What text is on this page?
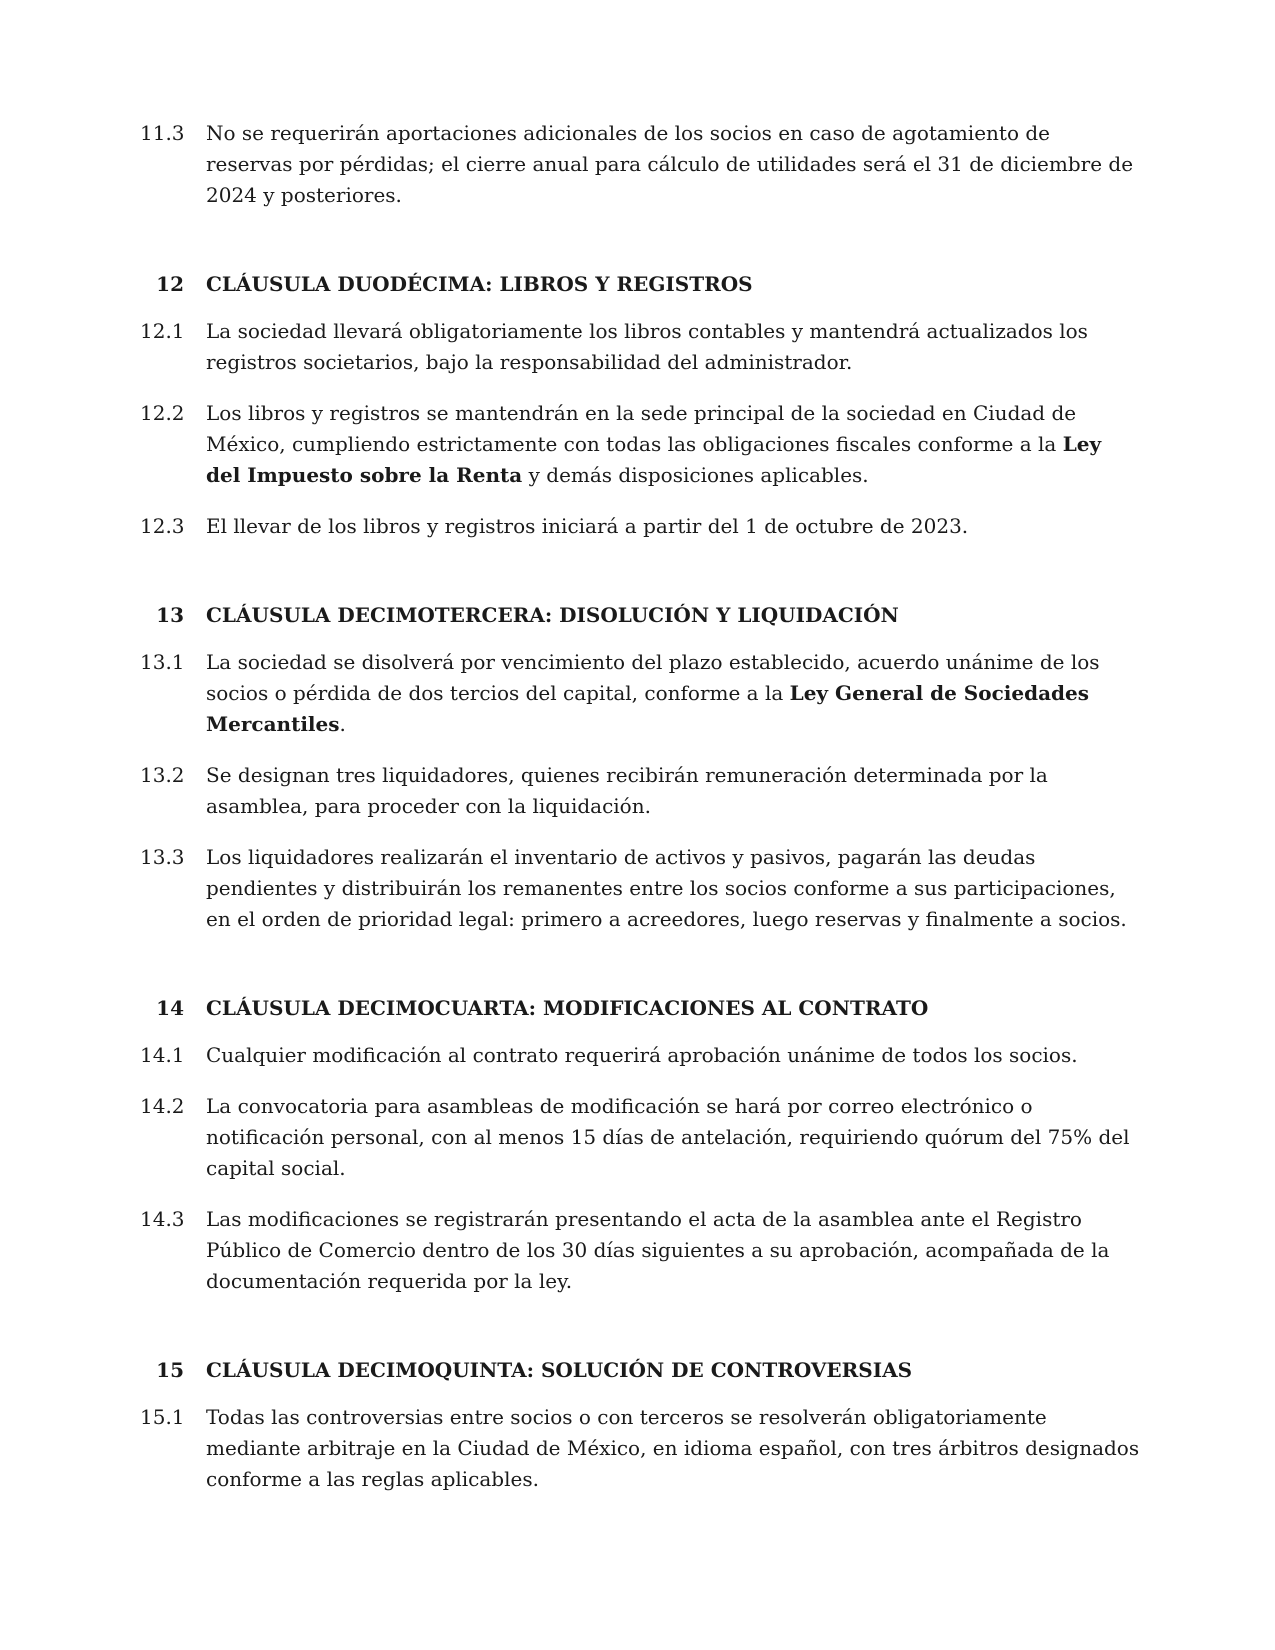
11.3	No se requerirán aportaciones adicionales de los socios en caso de agotamiento de reservas por pérdidas; el cierre anual para cálculo de utilidades será el 31 de diciembre de 2024 y posteriores.
12	CLÁUSULA DUODÉCIMA: LIBROS Y REGISTROS
12.1	La sociedad llevará obligatoriamente los libros contables y mantendrá actualizados los registros societarios, bajo la responsabilidad del administrador.
12.2	Los libros y registros se mantendrán en la sede principal de la sociedad en Ciudad de México, cumpliendo estrictamente con todas las obligaciones fiscales conforme a la Ley del Impuesto sobre la Renta y demás disposiciones aplicables.
12.3	El llevar de los libros y registros iniciará a partir del 1 de octubre de 2023.
13	CLÁUSULA DECIMOTERCERA: DISOLUCIÓN Y LIQUIDACIÓN
13.1	La sociedad se disolverá por vencimiento del plazo establecido, acuerdo unánime de los socios o pérdida de dos tercios del capital, conforme a la Ley General de Sociedades Mercantiles.
13.2	Se designan tres liquidadores, quienes recibirán remuneración determinada por la asamblea, para proceder con la liquidación.
13.3	Los liquidadores realizarán el inventario de activos y pasivos, pagarán las deudas pendientes y distribuirán los remanentes entre los socios conforme a sus participaciones, en el orden de prioridad legal: primero a acreedores, luego reservas y finalmente a socios.
14	CLÁUSULA DECIMOCUARTA: MODIFICACIONES AL CONTRATO
14.1	Cualquier modificación al contrato requerirá aprobación unánime de todos los socios.
14.2	La convocatoria para asambleas de modificación se hará por correo electrónico o notificación personal, con al menos 15 días de antelación, requiriendo quórum del 75% del capital social.
14.3	Las modificaciones se registrarán presentando el acta de la asamblea ante el Registro Público de Comercio dentro de los 30 días siguientes a su aprobación, acompañada de la documentación requerida por la ley.
15	CLÁUSULA DECIMOQUINTA: SOLUCIÓN DE CONTROVERSIAS
15.1	Todas las controversias entre socios o con terceros se resolverán obligatoriamente mediante arbitraje en la Ciudad de México, en idioma español, con tres árbitros designados conforme a las reglas aplicables.
